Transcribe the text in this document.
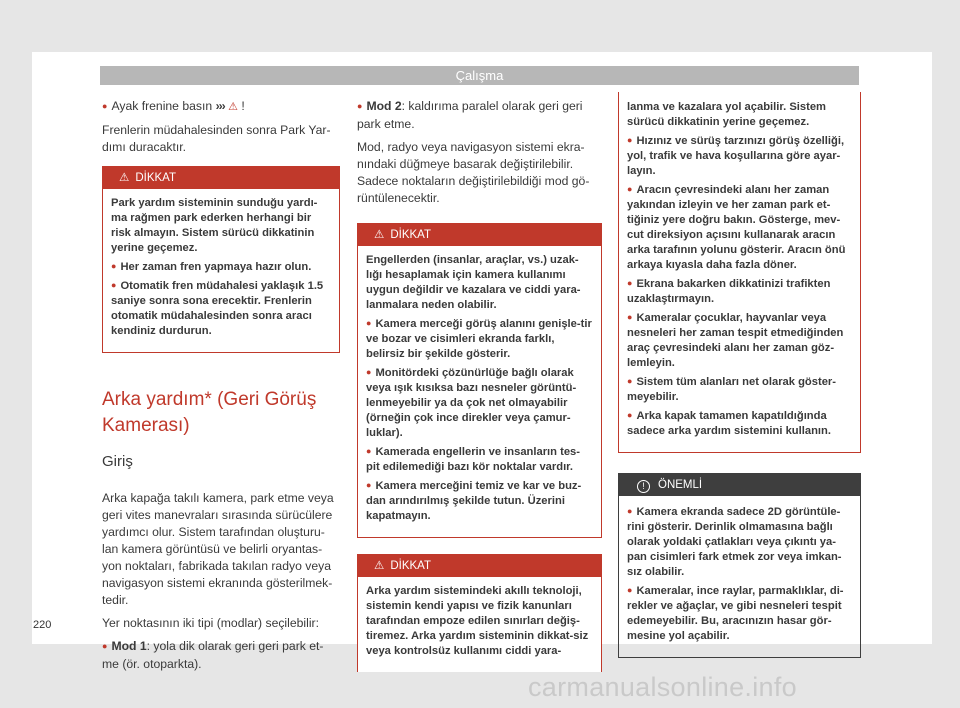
Çalışma

● Ayak frenine basın ››› ⚠ !

Frenlerin müdahalesinden sonra Park Yar-dımı duracaktır.

⚠ DİKKAT

Park yardım sisteminin sunduğu yardı-ma rağmen park ederken herhangi bir risk almayın. Sistem sürücü dikkatinin yerine geçemez.

● Her zaman fren yapmaya hazır olun.

● Otomatik fren müdahalesi yaklaşık 1.5 saniye sonra sona erecektir. Frenlerin otomatik müdahalesinden sonra aracı kendiniz durdurun.

Arka yardım* (Geri Görüş Kamerası)
Giriş

Arka kapağa takılı kamera, park etme veya geri vites manevraları sırasında sürücülere yardımcı olur. Sistem tarafından oluşturu-lan kamera görüntüsü ve belirli oryantas-yon noktaları, fabrikada takılan radyo veya navigasyon sistemi ekranında gösterilmek-tedir.

Yer noktasının iki tipi (modlar) seçilebilir:

● Mod 1: yola dik olarak geri geri park et-me (ör. otoparkta).

● Mod 2: kaldırıma paralel olarak geri geri park etme.

Mod, radyo veya navigasyon sistemi ekra-nındaki düğmeye basarak değiştirilebilir. Sadece noktaların değiştirilebildiği mod gö-rüntülenecektir.

⚠ DİKKAT

Engellerden (insanlar, araçlar, vs.) uzak-lığı hesaplamak için kamera kullanımı uygun değildir ve kazalara ve ciddi yara-lanmalara neden olabilir.

● Kamera merceği görüş alanını genişle-tir ve bozar ve cisimleri ekranda farklı, belirsiz bir şekilde gösterir.

● Monitördeki çözünürlüğe bağlı olarak veya ışık kısıksa bazı nesneler görüntü-lenmeyebilir ya da çok net olmayabilir (örneğin çok ince direkler veya çamur-luklar).

● Kamerada engellerin ve insanların tes-pit edilemediği bazı kör noktalar vardır.

● Kamera merceğini temiz ve kar ve buz-dan arındırılmış şekilde tutun. Üzerini kapatmayın.

⚠ DİKKAT

Arka yardım sistemindeki akıllı teknoloji, sistemin kendi yapısı ve fizik kanunları tarafından empoze edilen sınırları değiş-tiremez. Arka yardım sisteminin dikkat-siz veya kontrolsüz kullanımı ciddi yara-

lanma ve kazalara yol açabilir. Sistem sürücü dikkatinin yerine geçemez.

● Hızınız ve sürüş tarzınızı görüş özelliği, yol, trafik ve hava koşullarına göre ayar-layın.

● Aracın çevresindeki alanı her zaman yakından izleyin ve her zaman park et-tiğiniz yere doğru bakın. Gösterge, mev-cut direksiyon açısını kullanarak aracın arka tarafının yolunu gösterir. Aracın önü arkaya kıyasla daha fazla döner.

● Ekrana bakarken dikkatinizi trafikten uzaklaştırmayın.

● Kameralar çocuklar, hayvanlar veya nesneleri her zaman tespit etmediğinden araç çevresindeki alanı her zaman göz-lemleyin.

● Sistem tüm alanları net olarak göster-meyebilir.

● Arka kapak tamamen kapatıldığında sadece arka yardım sistemini kullanın.

! ÖNEMLİ

● Kamera ekranda sadece 2D görüntüle-rini gösterir. Derinlik olmamasına bağlı olarak yoldaki çatlakları veya çıkıntı ya-pan cisimleri fark etmek zor veya imkan-sız olabilir.

● Kameralar, ince raylar, parmaklıklar, di-rekler ve ağaçlar, ve gibi nesneleri tespit edemeyebilir. Bu, aracınızın hasar gör-mesine yol açabilir.

220
carmanualsonline.info
